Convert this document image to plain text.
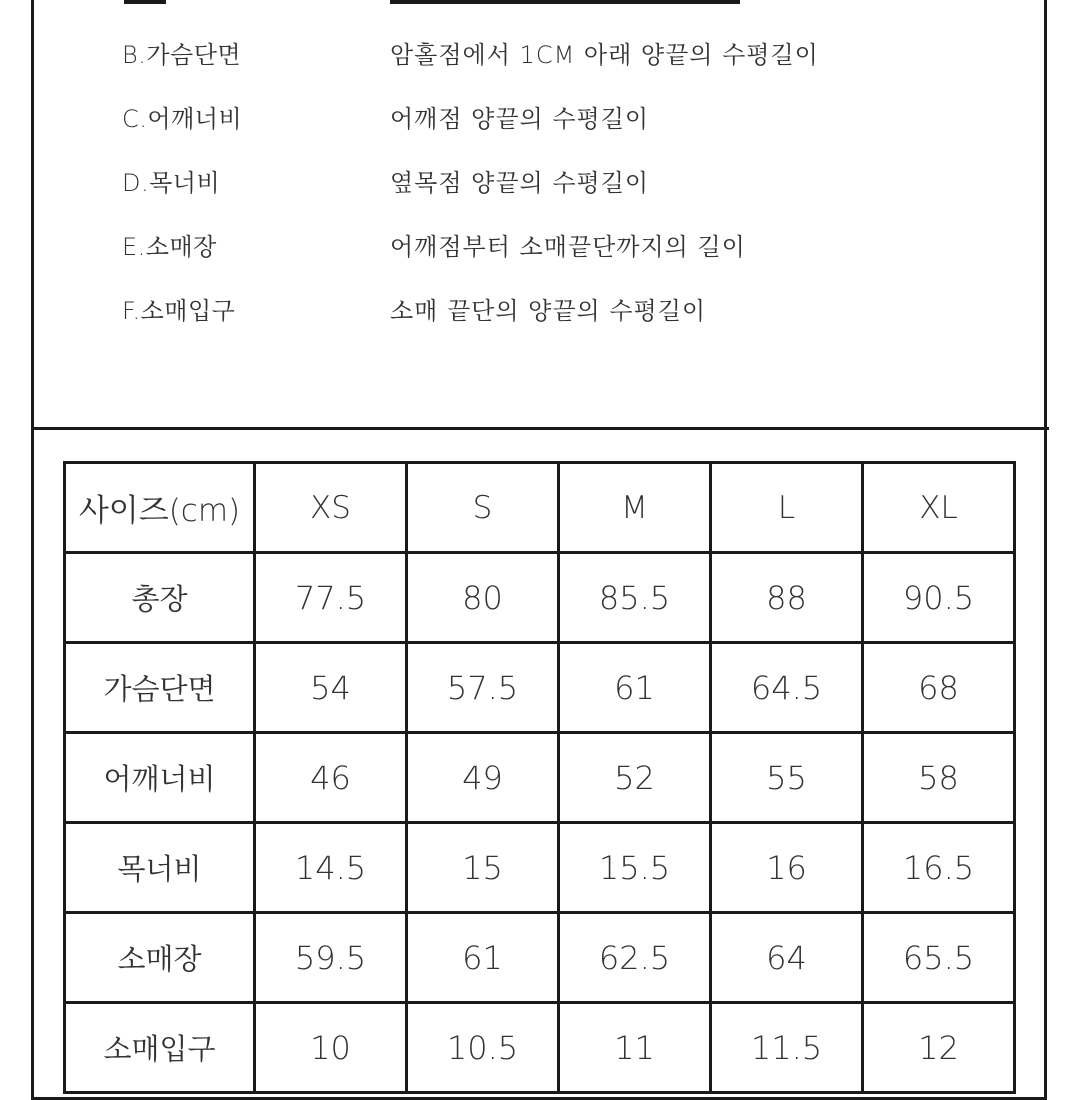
B.가슴단면	암홀점에서 1CM 아래 양끝의 수평길이
C.어깨너비	어깨점 양끝의 수평길이
D.목너비	옆목점 양끝의 수평길이
E.소매장	어깨점부터 소매끝단까지의 길이
F.소매입구	소매 끝단의 양끝의 수평길이
사이즈(cm)	XS	S	M	L	XL
총장	77.5	80	85.5	88	90.5
가슴단면	54	57.5	61	64.5	68
어깨너비	46	49	52	55	58
목너비	14.5	15	15.5	16	16.5
소매장	59.5	61	62.5	64	65.5
소매입구	10	10.5	11	11.5	12
